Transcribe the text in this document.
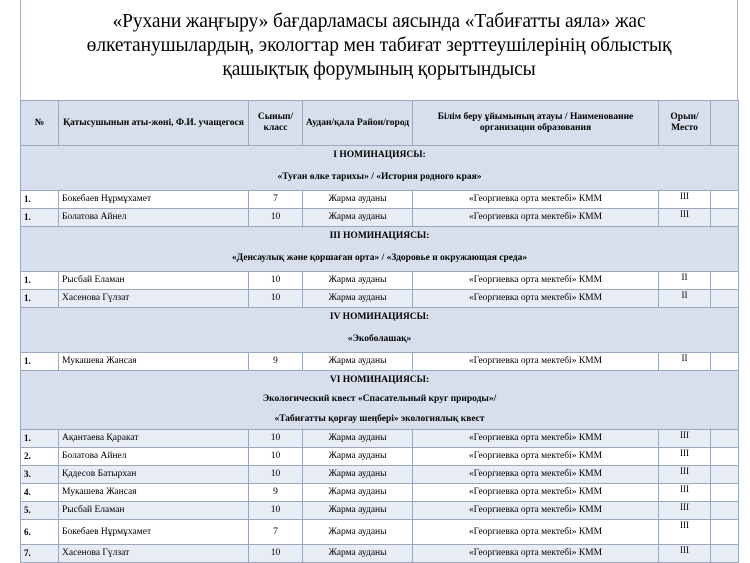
«Рухани жаңғыру» бағдарламасы аясында «Табиғатты аяла» жас
өлкетанушылардың, экологтар мен табиғат зерттеушілерінің облыстық
қашықтық форумының қорытындысы
№	Қатысушынын аты-жөні, Ф.И. учащегося	Сынып/ класс	Аудан/қала Район/город	Білім беру ұйымының атауы / Наименование организации образования	Орын/ Место	
І НОМИНАЦИЯСЫ:						
«Туған өлке тарихы» / «История родного края»						
1.	Бокебаев Нұрмұхамет	7	Жарма ауданы	«Георгиевка орта мектебі» КММ	ІІІ	
1.	Болатова Айнел	10	Жарма ауданы	«Георгиевка орта мектебі» КММ	ІІІ	
ІІІ НОМИНАЦИЯСЫ:						
«Денсаулық және қоршаған орта» / «Здоровье и окружающая среда»						
1.	Рысбай Еламан	10	Жарма ауданы	«Георгиевка орта мектебі» КММ	ІІ	
1.	Хасенова Гүлзат	10	Жарма ауданы	«Георгиевка орта мектебі» КММ	ІІ	
ІV НОМИНАЦИЯСЫ:						
«Экоболашақ»						
1.	Мукашева Жансая	9	Жарма ауданы	«Георгиевка орта мектебі» КММ	ІІ	
VІ НОМИНАЦИЯСЫ:						
Экологический квест «Спасательный круг природы»/						
«Табиғатты қорғау шеңбері» экологиялық квест						
1.	Ақантаева Қаракат	10	Жарма ауданы	«Георгиевка орта мектебі» КММ	ІІІ	
2.	Болатова Айнел	10	Жарма ауданы	«Георгиевка орта мектебі» КММ	ІІІ	
3.	Қадесов Батырхан	10	Жарма ауданы	«Георгиевка орта мектебі» КММ	ІІІ	
4.	Мукашева Жансая	9	Жарма ауданы	«Георгиевка орта мектебі» КММ	ІІІ	
5.	Рысбай Еламан	10	Жарма ауданы	«Георгиевка орта мектебі» КММ	ІІІ	
6.	Бокебаев Нұрмұхамет	7	Жарма ауданы	«Георгиевка орта мектебі» КММ	ІІІ	
7.	Хасенова Гүлзат	10	Жарма ауданы	«Георгиевка орта мектебі» КММ	ІІІ	
